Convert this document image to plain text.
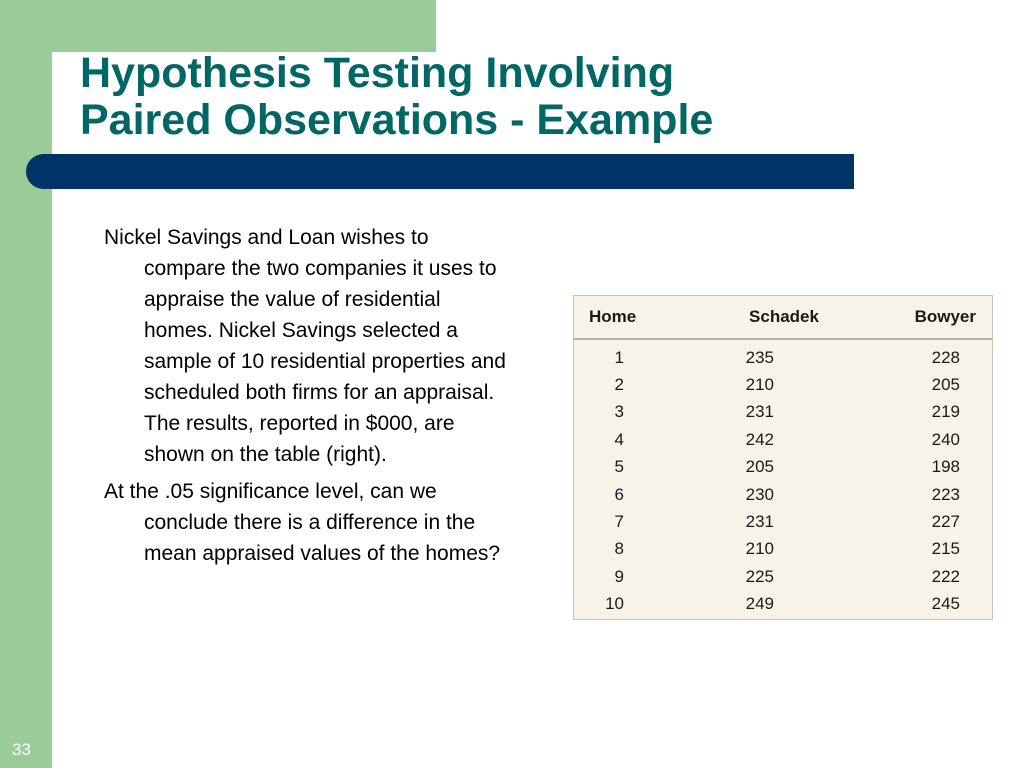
Hypothesis Testing Involving
Paired Observations - Example

Nickel Savings and Loan wishes to compare the two companies it uses to appraise the value of residential homes. Nickel Savings selected a sample of 10 residential properties and scheduled both firms for an appraisal. The results, reported in $000, are shown on the table (right).

At the .05 significance level, can we conclude there is a difference in the mean appraised values of the homes?

Home	Schadek	Bowyer
1	235	228
2	210	205
3	231	219
4	242	240
5	205	198
6	230	223
7	231	227
8	210	215
9	225	222
10	249	245
33
